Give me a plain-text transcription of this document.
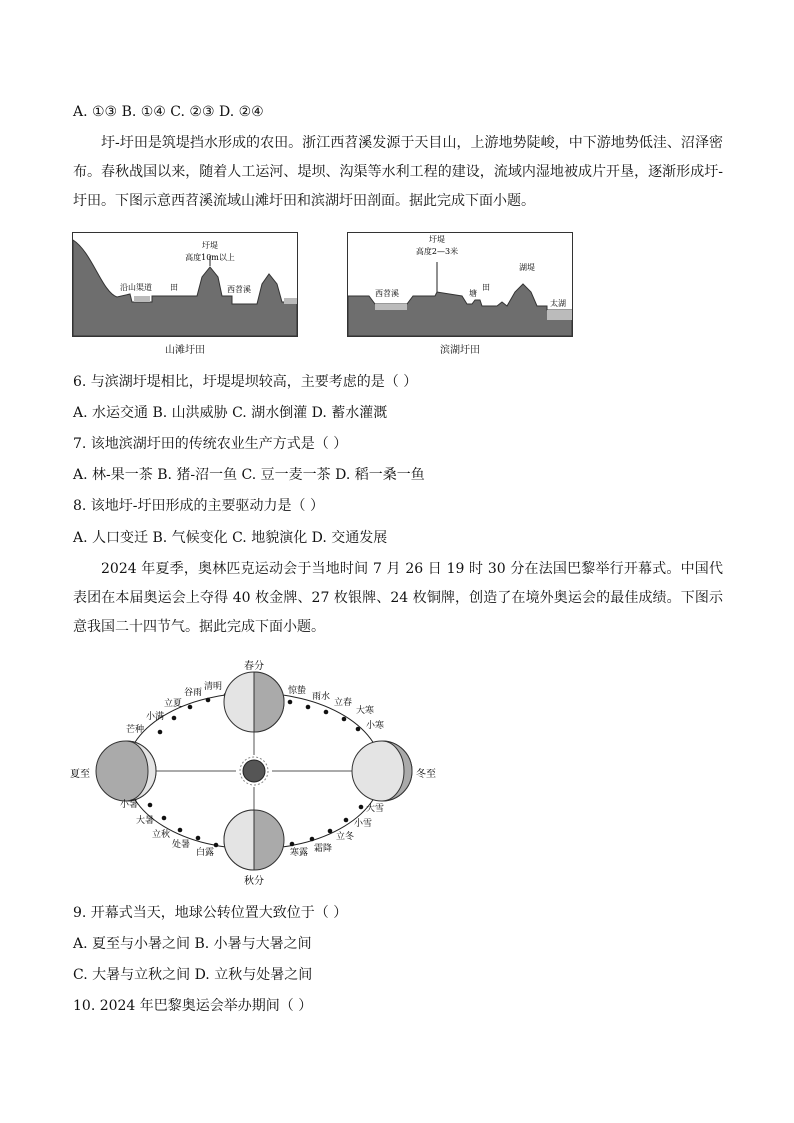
A. ①③ B. ①④ C. ②③ D. ②④
圩-圩田是筑堤挡水形成的农田。浙江西苕溪发源于天目山，上游地势陡峻，中下游地势低洼、沼泽密布。春秋战国以来，随着人工运河、堤坝、沟渠等水利工程的建设，流域内湿地被成片开垦，逐渐形成圩-圩田。下图示意西苕溪流域山滩圩田和滨湖圩田剖面。据此完成下面小题。
圩堤
高度10m以上
沿山渠道 田	西苕溪
山滩圩田
圩堤
高度2—3米
西苕溪	塘
田
湖堤
太湖
滨湖圩田
6. 与滨湖圩堤相比，圩堤堤坝较高，主要考虑的是（ ）
A. 水运交通 B. 山洪威胁 C. 湖水倒灌 D. 蓄水灌溉
7. 该地滨湖圩田的传统农业生产方式是（ ）
A. 林-果一茶 B. 猪-沼一鱼 C. 豆一麦一茶 D. 稻一桑一鱼
8. 该地圩-圩田形成的主要驱动力是（ ）
A. 人口变迁 B. 气候变化 C. 地貌演化 D. 交通发展
2024 年夏季，奥林匹克运动会于当地时间 7 月 26 日 19 时 30 分在法国巴黎举行开幕式。中国代表团在本届奥运会上夺得 40 枚金牌、27 枚银牌、24 枚铜牌，创造了在境外奥运会的最佳成绩。下图示意我国二十四节气。据此完成下面小题。
春分
夏至	冬至
秋分
小满
立夏
谷雨
清明
芒种
惊蛰
雨水
立春
大寒
小寒
小暑
大暑
立秋
处暑
白露
大雪
小雪
立冬
霜降
寒露
9. 开幕式当天，地球公转位置大致位于（ ）
A. 夏至与小暑之间 B. 小暑与大暑之间
C. 大暑与立秋之间 D. 立秋与处暑之间
10. 2024 年巴黎奥运会举办期间（ ）
